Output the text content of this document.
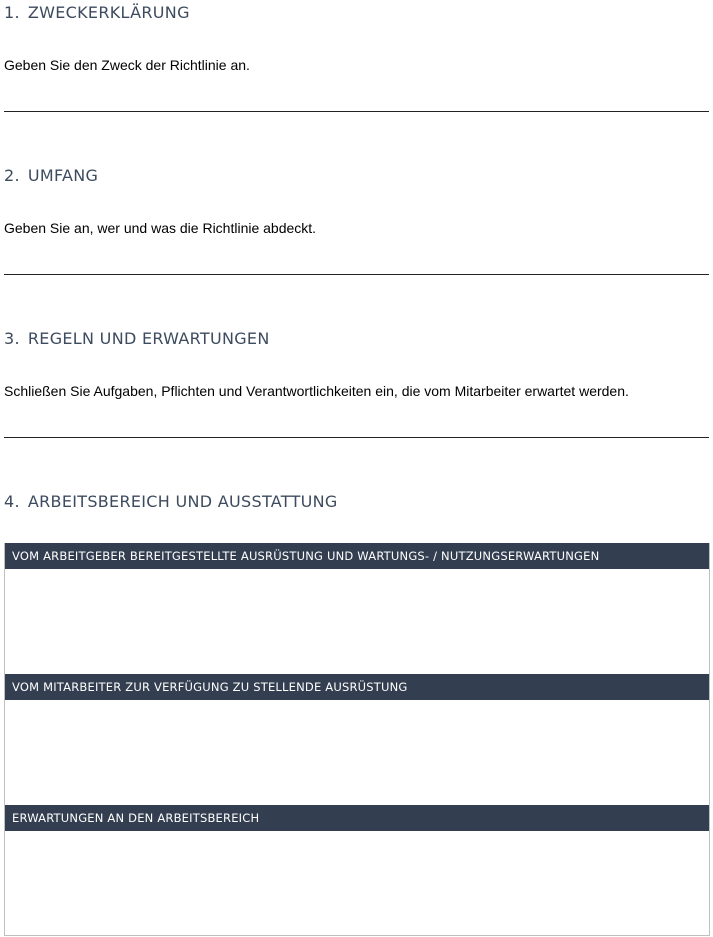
1. ZWECKERKLÄRUNG

Geben Sie den Zweck der Richtlinie an.

2. UMFANG

Geben Sie an, wer und was die Richtlinie abdeckt.

3. REGELN UND ERWARTUNGEN

Schließen Sie Aufgaben, Pflichten und Verantwortlichkeiten ein, die vom Mitarbeiter erwartet werden.

4. ARBEITSBEREICH UND AUSSTATTUNG
VOM ARBEITGEBER BEREITGESTELLTE AUSRÜSTUNG UND WARTUNGS- / NUTZUNGSERWARTUNGEN
VOM MITARBEITER ZUR VERFÜGUNG ZU STELLENDE AUSRÜSTUNG
ERWARTUNGEN AN DEN ARBEITSBEREICH
